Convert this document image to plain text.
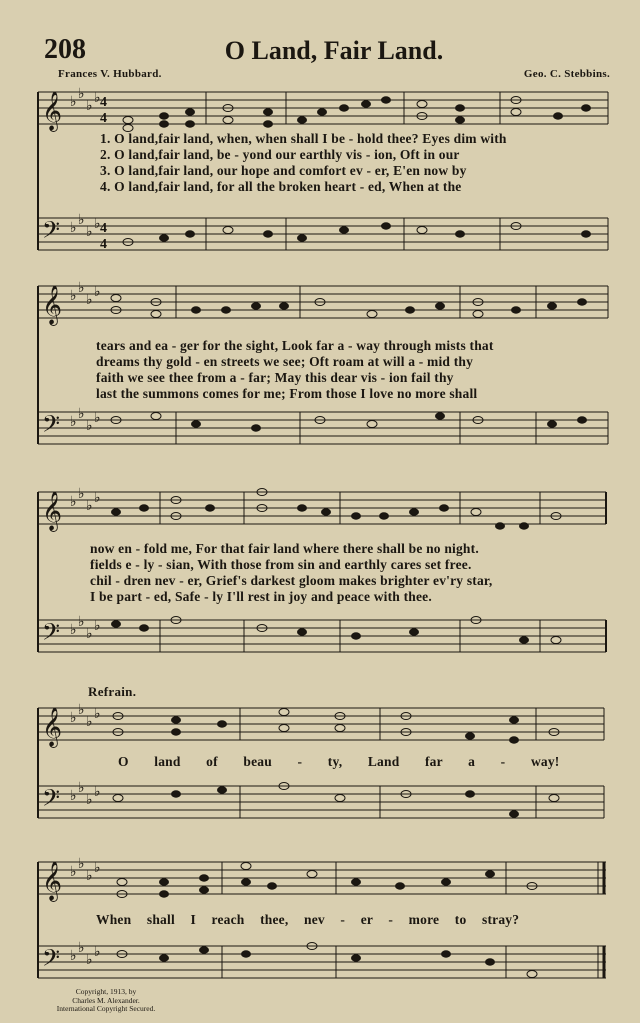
208	O Land, Fair Land.
Frances V. Hubbard.	Geo. C. Stebbins.
𝄞
𝄢
♭
♭
♭
♭
♭
♭
♭
♭
4
4
4
4
1. O land,fair land, when, when shall I be - hold thee? Eyes dim with
2. O land,fair land, be - yond our earthly vis - ion, Oft in our
3. O land,fair land, our hope and comfort ev - er, E'en now by
4. O land,fair land, for all the broken heart - ed, When at the
𝄞
𝄢
♭
♭
♭
♭
♭
♭
♭
♭
tears and ea - ger for the sight, Look far a - way through mists that
dreams thy gold - en streets we see; Oft roam at will a - mid thy
faith we see thee from a - far; May this dear vis - ion fail thy
last the summons comes for me; From those I love no more shall
𝄞
𝄢
♭
♭
♭
♭
♭
♭
♭
♭
now en - fold me, For that fair land where there shall be no night.
fields e - ly - sian, With those from sin and earthly cares set free.
chil - dren nev - er, Grief's darkest gloom makes brighter ev'ry star,
I be part - ed, Safe - ly I'll rest in joy and peace with thee.
Refrain.
𝄞
𝄢
♭
♭
♭
♭
♭
♭
♭
♭
O land of beau - ty, Land far a - way!
𝄞
𝄢
♭
♭
♭
♭
♭
♭
♭
♭
When shall I reach thee, nev - er - more to stray?
Copyright, 1913, by
Charles M. Alexander.
International Copyright Secured.
